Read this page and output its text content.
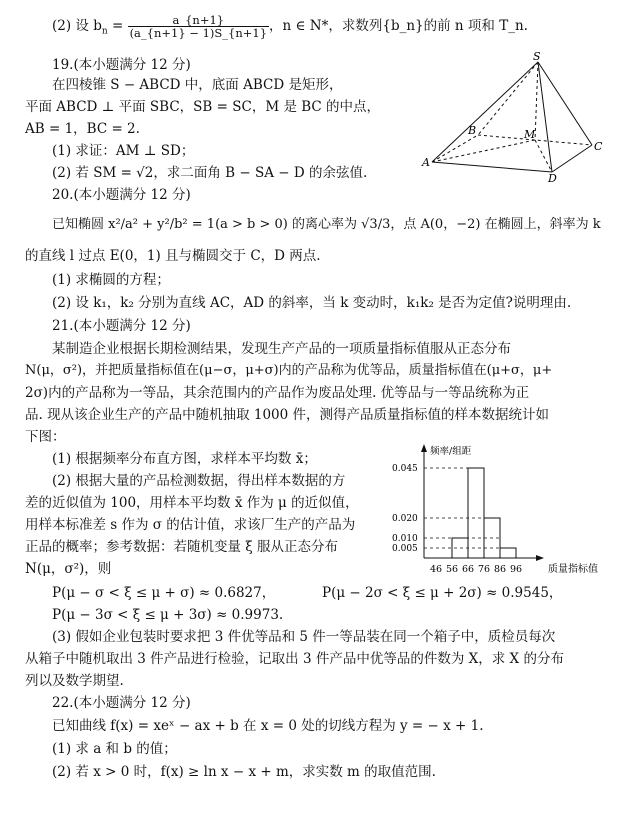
(2) 设 $b_n = \frac{a\_\{n+1\}}{(a\_\{n+1\} - 1)S\_\{n+1\}}$ ，n ∈ N*，求数列{b_n}的前 n 项和 T_n.
19.(本小题满分 12 分)
在四棱锥 S − ABCD 中，底面 ABCD 是矩形，
平面 ABCD ⊥ 平面 SBC，SB = SC，M 是 BC 的中点，
AB = 1，BC = 2.
(1) 求证：AM ⊥ SD；
(2) 若 SM = √2，求二面角 B − SA − D 的余弦值.
S
A
B	M
C
D
20.(本小题满分 12 分)
已知椭圆 x²/a² + y²/b² = 1(a > b > 0) 的离心率为 √3/3，点 A(0，−2) 在椭圆上，斜率为 k
的直线 l 过点 E(0，1) 且与椭圆交于 C，D 两点.
(1) 求椭圆的方程；
(2) 设 k₁，k₂ 分别为直线 AC，AD 的斜率，当 k 变动时，k₁k₂ 是否为定值?说明理由.
21.(本小题满分 12 分)
某制造企业根据长期检测结果，发现生产产品的一项质量指标值服从正态分布
N(μ，σ²)，并把质量指标值在(μ−σ，μ+σ)内的产品称为优等品，质量指标值在(μ+σ，μ+
2σ)内的产品称为一等品，其余范围内的产品作为废品处理. 优等品与一等品统称为正
品. 现从该企业生产的产品中随机抽取 1000 件，测得产品质量指标值的样本数据统计如
下图：
(1) 根据频率分布直方图，求样本平均数 x̄；
(2) 根据大量的产品检测数据，得出样本数据的方
差的近似值为 100，用样本平均数 x̄ 作为 μ 的近似值，
用样本标准差 s 作为 σ 的估计值，求该厂生产的产品为
正品的概率；参考数据：若随机变量 ξ 服从正态分布
N(μ，σ²)，则
P(μ − σ < ξ ≤ μ + σ) ≈ 0.6827，	P(μ − 2σ < ξ ≤ μ + 2σ) ≈ 0.9545，
P(μ − 3σ < ξ ≤ μ + 3σ) ≈ 0.9973.
(3) 假如企业包装时要求把 3 件优等品和 5 件一等品装在同一个箱子中，质检员每次
从箱子中随机取出 3 件产品进行检验，记取出 3 件产品中优等品的件数为 X，求 X 的分布
列以及数学期望.
频率/组距
质量指标值
0.045
0.020
0.010
0.005
46 56 66 76 86 96
22.(本小题满分 12 分)
已知曲线 f(x) = xeˣ − ax + b 在 x = 0 处的切线方程为 y = − x + 1.
(1) 求 a 和 b 的值；
(2) 若 x > 0 时，f(x) ≥ ln x − x + m，求实数 m 的取值范围.
